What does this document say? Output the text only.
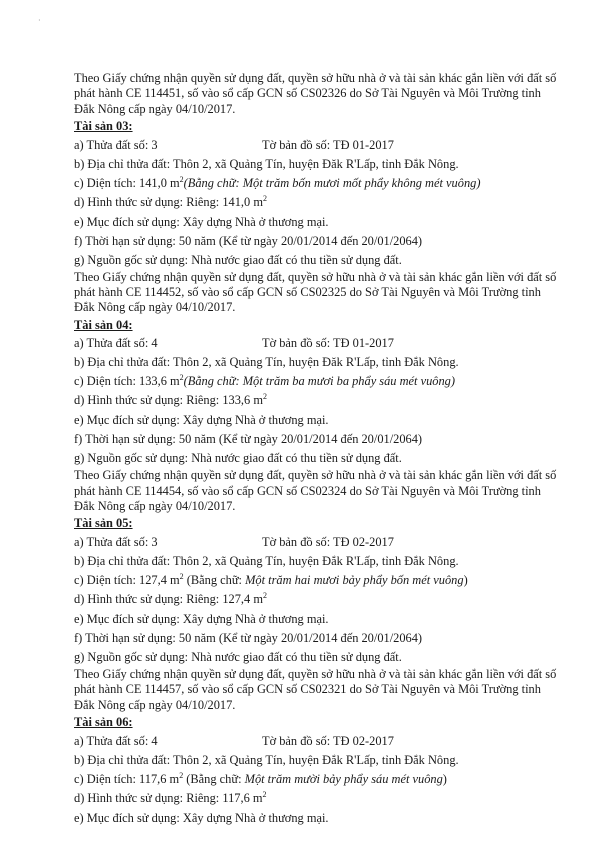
·

Theo Giấy chứng nhận quyền sử dụng đất, quyền sở hữu nhà ở và tài sản khác gắn liền với đất số phát hành CE 114451, số vào sổ cấp GCN số CS02326 do Sở Tài Nguyên và Môi Trường tỉnh Đắk Nông cấp ngày 04/10/2017.

Tài sản 03:
a) Thửa đất số: 3	Tờ bản đồ số: TĐ 01-2017
b) Địa chỉ thửa đất: Thôn 2, xã Quảng Tín, huyện Đăk R'Lấp, tỉnh Đắk Nông.
c) Diện tích: 141,0 $m^2(Bằng$ chữ: Một trăm bốn mươi mốt phẩy không mét vuông)
d) Hình thức sử dụng: Riêng: 141,0 $m^2$
e) Mục đích sử dụng: Xây dựng Nhà ở thương mại.
f) Thời hạn sử dụng: 50 năm (Kể từ ngày 20/01/2014 đến 20/01/2064)
g) Nguồn gốc sử dụng: Nhà nước giao đất có thu tiền sử dụng đất.

Theo Giấy chứng nhận quyền sử dụng đất, quyền sở hữu nhà ở và tài sản khác gắn liền với đất số phát hành CE 114452, số vào sổ cấp GCN số CS02325 do Sở Tài Nguyên và Môi Trường tỉnh Đắk Nông cấp ngày 04/10/2017.

Tài sản 04:
a) Thửa đất số: 4	Tờ bản đồ số: TĐ 01-2017
b) Địa chỉ thửa đất: Thôn 2, xã Quảng Tín, huyện Đăk R'Lấp, tỉnh Đắk Nông.
c) Diện tích: 133,6 $m^2(Bằng$ chữ: Một trăm ba mươi ba phẩy sáu mét vuông)
d) Hình thức sử dụng: Riêng: 133,6 $m^2$
e) Mục đích sử dụng: Xây dựng Nhà ở thương mại.
f) Thời hạn sử dụng: 50 năm (Kể từ ngày 20/01/2014 đến 20/01/2064)
g) Nguồn gốc sử dụng: Nhà nước giao đất có thu tiền sử dụng đất.

Theo Giấy chứng nhận quyền sử dụng đất, quyền sở hữu nhà ở và tài sản khác gắn liền với đất số phát hành CE 114454, số vào sổ cấp GCN số CS02324 do Sở Tài Nguyên và Môi Trường tỉnh Đắk Nông cấp ngày 04/10/2017.

Tài sản 05:
a) Thửa đất số: 3	Tờ bản đồ số: TĐ 02-2017
b) Địa chỉ thửa đất: Thôn 2, xã Quảng Tín, huyện Đắk R'Lấp, tỉnh Đắk Nông.
c) Diện tích: 127,4 $m^2$ (Bằng chữ: Một trăm hai mươi bảy phẩy bốn mét vuông)
d) Hình thức sử dụng: Riêng: 127,4 $m^2$
e) Mục đích sử dụng: Xây dựng Nhà ở thương mại.
f) Thời hạn sử dụng: 50 năm (Kể từ ngày 20/01/2014 đến 20/01/2064)
g) Nguồn gốc sử dụng: Nhà nước giao đất có thu tiền sử dụng đất.

Theo Giấy chứng nhận quyền sử dụng đất, quyền sở hữu nhà ở và tài sản khác gắn liền với đất số phát hành CE 114457, số vào sổ cấp GCN số CS02321 do Sở Tài Nguyên và Môi Trường tỉnh Đắk Nông cấp ngày 04/10/2017.

Tài sản 06:
a) Thửa đất số: 4	Tờ bản đồ số: TĐ 02-2017
b) Địa chỉ thửa đất: Thôn 2, xã Quảng Tín, huyện Đắk R'Lấp, tỉnh Đắk Nông.
c) Diện tích: 117,6 $m^2$ (Bằng chữ: Một trăm mười bảy phẩy sáu mét vuông)
d) Hình thức sử dụng: Riêng: 117,6 $m^2$
e) Mục đích sử dụng: Xây dựng Nhà ở thương mại.
